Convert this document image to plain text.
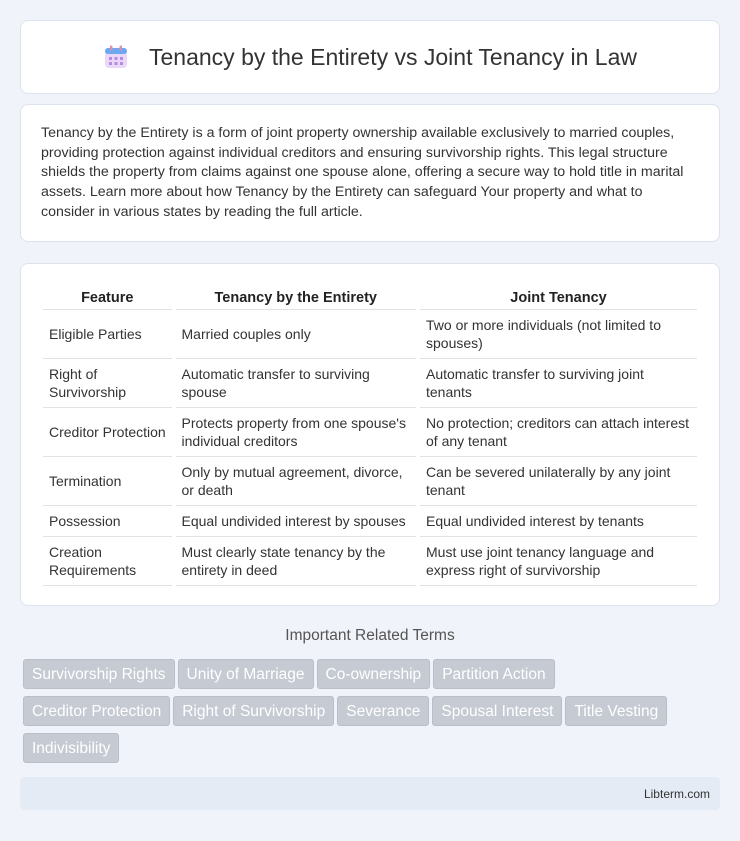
Tenancy by the Entirety vs Joint Tenancy in Law

Tenancy by the Entirety is a form of joint property ownership available exclusively to married couples, providing protection against individual creditors and ensuring survivorship rights. This legal structure shields the property from claims against one spouse alone, offering a secure way to hold title in marital assets. Learn more about how Tenancy by the Entirety can safeguard Your property and what to consider in various states by reading the full article.

Feature	Tenancy by the Entirety	Joint Tenancy
Eligible Parties	Married couples only	Two or more individuals (not limited to spouses)
Right of Survivorship	Automatic transfer to surviving spouse	Automatic transfer to surviving joint tenants
Creditor Protection	Protects property from one spouse's individual creditors	No protection; creditors can attach interest of any tenant
Termination	Only by mutual agreement, divorce, or death	Can be severed unilaterally by any joint tenant
Possession	Equal undivided interest by spouses	Equal undivided interest by tenants
Creation Requirements	Must clearly state tenancy by the entirety in deed	Must use joint tenancy language and express right of survivorship
Important Related Terms
Survivorship Rights Unity of Marriage Co-ownership Partition Action
Creditor Protection Right of Survivorship Severance Spousal Interest Title Vesting
Indivisibility
Libterm.com
